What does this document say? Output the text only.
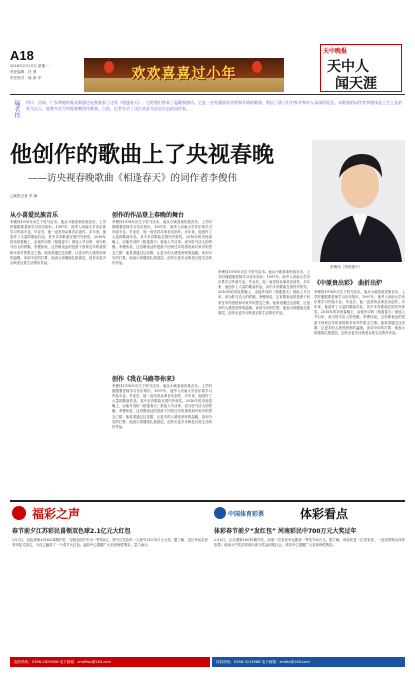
A18
2016年2月15日 星期一
责任编辑：任 勇
责任校对：姚 黄 华	欢欢喜喜过小年
天中晚报
天中人
闻天涯
编者按 四川、河南、广东等地的观众都通过电视观看了这首《相逢春天》，它给我们带来了温暖和感动。它是一首充满浓浓亲情和乡情的歌曲，唱出了游子们对家乡和亲人深深的思念。该歌曲的词作者李俊伟是土生土长的驻马店人，他曾多次为央视春晚创作歌曲。日前，记者专访了这位从驻马店走出去的词作家。
他创作的歌曲上了央视春晚
——访央视春晚歌曲《相逢春天》的词作者李俊伟
□晚报记者 李 楠
从小喜爱民族音乐
李俊伟1976年出生于驻马店市。他从小就喜欢民族音乐，上学时便跟着老师学习音乐知识。1997年，他考入河南大学音乐系学习作曲专业。毕业后，他一直坚持从事音乐创作。多年来，他创作了大量的歌曲作品，其中多首歌曲在国内外获奖。2016年的央视春晚上，由他作词的《相逢春天》被选入节目单，成为驻马店人的骄傲。李俊伟说，这首歌表达的是游子回家过年的喜悦和对家乡的思念之情。他希望通过这首歌，让更多的人感受到家的温暖。谈到今后的打算，他表示将继续扎根基层，创作出更多反映老百姓生活的好作品。
创作的作品登上春晚的舞台
李俊伟1976年出生于驻马店市。他从小就喜欢民族音乐，上学时便跟着老师学习音乐知识。1997年，他考入河南大学音乐系学习作曲专业。毕业后，他一直坚持从事音乐创作。多年来，他创作了大量的歌曲作品，其中多首歌曲在国内外获奖。2016年的央视春晚上，由他作词的《相逢春天》被选入节目单，成为驻马店人的骄傲。李俊伟说，这首歌表达的是游子回家过年的喜悦和对家乡的思念之情。他希望通过这首歌，让更多的人感受到家的温暖。谈到今后的打算，他表示将继续扎根基层，创作出更多反映老百姓生活的好作品。
创作《我在马路等你来》
李俊伟1976年出生于驻马店市。他从小就喜欢民族音乐，上学时便跟着老师学习音乐知识。1997年，他考入河南大学音乐系学习作曲专业。毕业后，他一直坚持从事音乐创作。多年来，他创作了大量的歌曲作品，其中多首歌曲在国内外获奖。2016年的央视春晚上，由他作词的《相逢春天》被选入节目单，成为驻马店人的骄傲。李俊伟说，这首歌表达的是游子回家过年的喜悦和对家乡的思念之情。他希望通过这首歌，让更多的人感受到家的温暖。谈到今后的打算，他表示将继续扎根基层，创作出更多反映老百姓生活的好作品。
李俊伟1976年出生于驻马店市。他从小就喜欢民族音乐，上学时便跟着老师学习音乐知识。1997年，他考入河南大学音乐系学习作曲专业。毕业后，他一直坚持从事音乐创作。多年来，他创作了大量的歌曲作品，其中多首歌曲在国内外获奖。2016年的央视春晚上，由他作词的《相逢春天》被选入节目单，成为驻马店人的骄傲。李俊伟说，这首歌表达的是游子回家过年的喜悦和对家乡的思念之情。他希望通过这首歌，让更多的人感受到家的温暖。谈到今后的打算，他表示将继续扎根基层，创作出更多反映老百姓生活的好作品。
李俊伟（资料图片）
《中原贵出彩》 曲折出炉
李俊伟1976年出生于驻马店市。他从小就喜欢民族音乐，上学时便跟着老师学习音乐知识。1997年，他考入河南大学音乐系学习作曲专业。毕业后，他一直坚持从事音乐创作。多年来，他创作了大量的歌曲作品，其中多首歌曲在国内外获奖。2016年的央视春晚上，由他作词的《相逢春天》被选入节目单，成为驻马店人的骄傲。李俊伟说，这首歌表达的是游子回家过年的喜悦和对家乡的思念之情。他希望通过这首歌，让更多的人感受到家的温暖。谈到今后的打算，他表示将继续扎根基层，创作出更多反映老百姓生活的好作品。
福彩之声
春节前夕江苏彩民喜领双色球2.1亿元大红包
2月2日，双色球第2016014期开奖，当期全国共中出一等奖6注，其中江苏彩民一人独中21076万元大奖。据了解，这位幸运彩民采用复式投注，为自己赢得了一个春节大红包。福彩中心提醒广大彩民理性购彩，量力而行。
福彩热线：0396-2823908 电子邮箱：zmdflcp@163.com
中国体育彩票	体彩看点
体彩春节前夕“发红包” 河南彩民中700万元大奖过年
2月6日，大乐透第16015期开奖，河南一位彩民幸运揽获一等奖700万元。据了解，该彩民是一位老彩民，一直坚持购买体育彩票。他表示中奖后将拿出部分奖金回报社会。体彩中心提醒广大彩民理性购彩。
体彩热线：0396-3213988 电子邮箱：zmdtc@163.com
